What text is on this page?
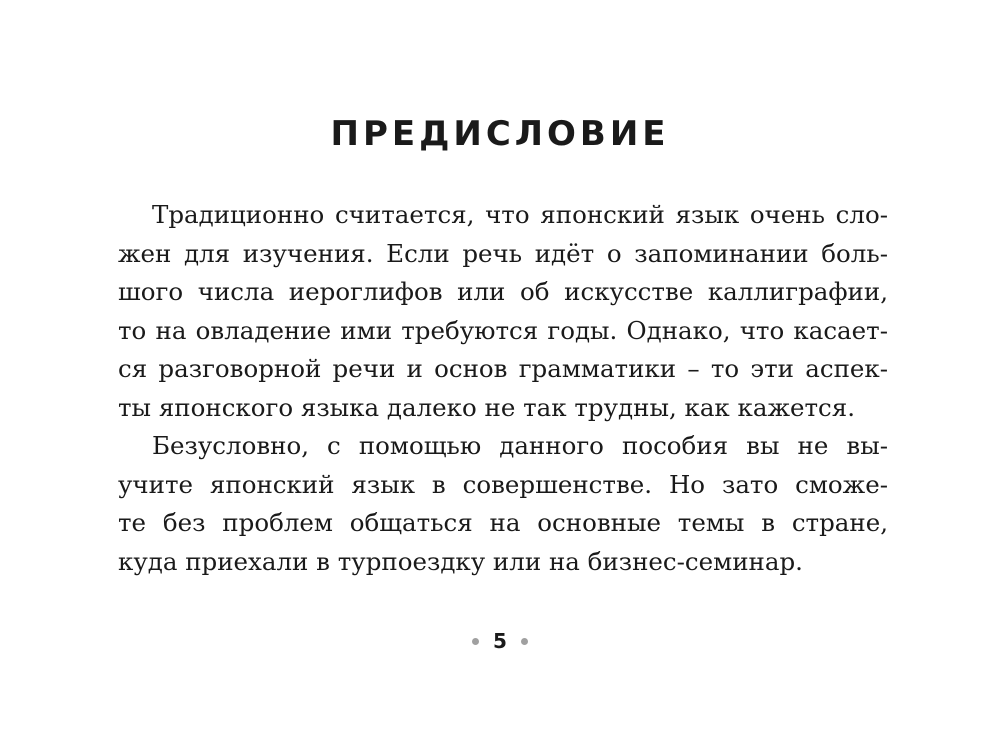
ПРЕДИСЛОВИЕ
Традиционно считается, что японский язык очень сло-
жен для изучения. Если речь идёт о запоминании боль-
шого числа иероглифов или об искусстве каллиграфии,
то на овладение ими требуются годы. Однако, что касает-
ся разговорной речи и основ грамматики – то эти аспек-
ты японского языка далеко не так трудны, как кажется.
Безусловно, с помощью данного пособия вы не вы-
учите японский язык в совершенстве. Но зато сможе-
те без проблем общаться на основные темы в стране,
куда приехали в турпоездку или на бизнес-семинар.
5
